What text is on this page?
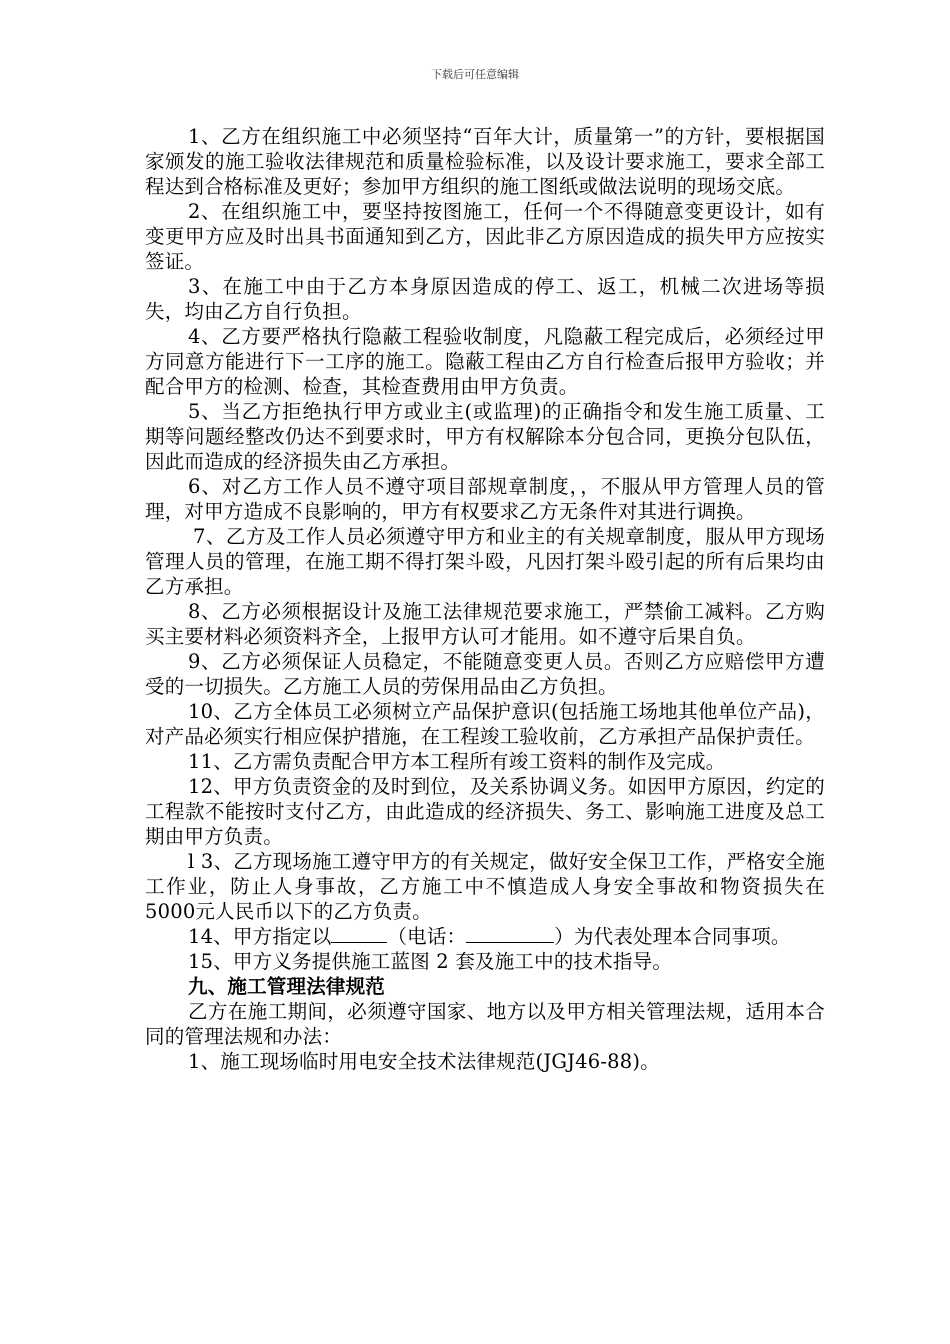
下载后可任意编辑

1、乙方在组织施工中必须坚持“百年大计，质量第一”的方针，要根据国家颁发的施工验收法律规范和质量检验标准，以及设计要求施工，要求全部工程达到合格标准及更好；参加甲方组织的施工图纸或做法说明的现场交底。

2、在组织施工中，要坚持按图施工，任何一个不得随意变更设计，如有变更甲方应及时出具书面通知到乙方，因此非乙方原因造成的损失甲方应按实签证。

3、在施工中由于乙方本身原因造成的停工、返工，机械二次进场等损失，均由乙方自行负担。

4、乙方要严格执行隐蔽工程验收制度，凡隐蔽工程完成后，必须经过甲方同意方能进行下一工序的施工。隐蔽工程由乙方自行检查后报甲方验收；并配合甲方的检测、检查，其检查费用由甲方负责。

5、当乙方拒绝执行甲方或业主(或监理)的正确指令和发生施工质量、工期等问题经整改仍达不到要求时，甲方有权解除本分包合同，更换分包队伍，因此而造成的经济损失由乙方承担。

6、对乙方工作人员不遵守项目部规章制度，，不服从甲方管理人员的管理，对甲方造成不良影响的，甲方有权要求乙方无条件对其进行调换。

7、乙方及工作人员必须遵守甲方和业主的有关规章制度，服从甲方现场管理人员的管理，在施工期不得打架斗殴，凡因打架斗殴引起的所有后果均由乙方承担。

8、乙方必须根据设计及施工法律规范要求施工，严禁偷工减料。乙方购买主要材料必须资料齐全，上报甲方认可才能用。如不遵守后果自负。

9、乙方必须保证人员稳定，不能随意变更人员。否则乙方应赔偿甲方遭受的一切损失。乙方施工人员的劳保用品由乙方负担。

10、乙方全体员工必须树立产品保护意识(包括施工场地其他单位产品)，对产品必须实行相应保护措施，在工程竣工验收前，乙方承担产品保护责任。

11、乙方需负责配合甲方本工程所有竣工资料的制作及完成。

12、甲方负责资金的及时到位，及关系协调义务。如因甲方原因，约定的工程款不能按时支付乙方，由此造成的经济损失、务工、影响施工进度及总工期由甲方负责。

l 3、乙方现场施工遵守甲方的有关规定，做好安全保卫工作，严格安全施工作业，防止人身事故，乙方施工中不慎造成人身安全事故和物资损失在5000元人民币以下的乙方负责。

14、甲方指定以	（电话：	）为代表处理本合同事项。

15、甲方义务提供施工蓝图 2 套及施工中的技术指导。

九、施工管理法律规范

乙方在施工期间，必须遵守国家、地方以及甲方相关管理法规，适用本合同的管理法规和办法：

1、施工现场临时用电安全技术法律规范(JGJ46-88)。
